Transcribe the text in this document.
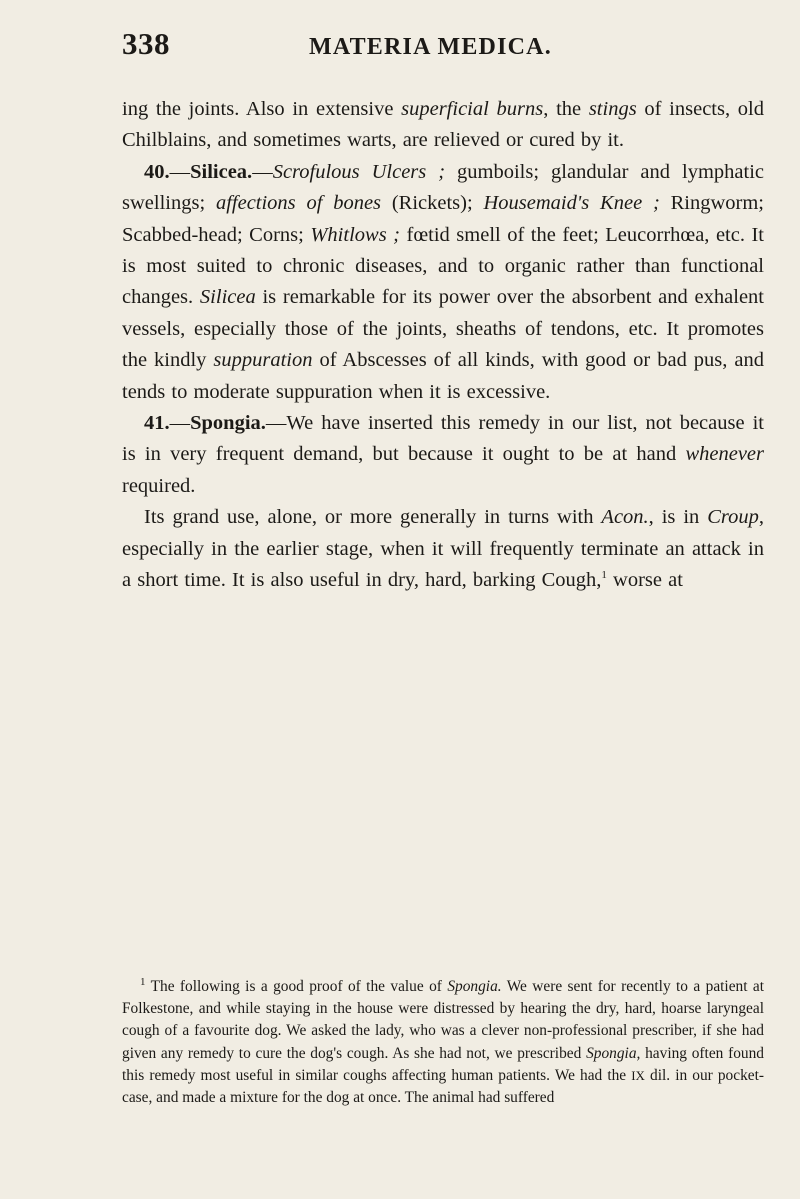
338	MATERIA MEDICA.

ing the joints. Also in extensive superficial burns, the stings of insects, old Chilblains, and sometimes warts, are relieved or cured by it.

40.—Silicea.—Scrofulous Ulcers ; gumboils; glandular and lymphatic swellings; affections of bones (Rickets); Housemaid's Knee ; Ringworm; Scabbed-head; Corns; Whitlows ; fœtid smell of the feet; Leucorrhœa, etc. It is most suited to chronic diseases, and to organic rather than functional changes. Silicea is remarkable for its power over the absorbent and exhalent vessels, especially those of the joints, sheaths of tendons, etc. It promotes the kindly suppuration of Abscesses of all kinds, with good or bad pus, and tends to moderate suppuration when it is excessive.

41.—Spongia.—We have inserted this remedy in our list, not because it is in very frequent demand, but because it ought to be at hand whenever required.

Its grand use, alone, or more generally in turns with Acon., is in Croup, especially in the earlier stage, when it will frequently terminate an attack in a short time. It is also useful in dry, hard, barking Cough,$^1$ worse at

$^1$ The following is a good proof of the value of Spongia. We were sent for recently to a patient at Folkestone, and while staying in the house were distressed by hearing the dry, hard, hoarse laryngeal cough of a favourite dog. We asked the lady, who was a clever non-professional prescriber, if she had given any remedy to cure the dog's cough. As she had not, we prescribed Spongia, having often found this remedy most useful in similar coughs affecting human patients. We had the IX dil. in our pocket-case, and made a mixture for the dog at once. The animal had suffered
